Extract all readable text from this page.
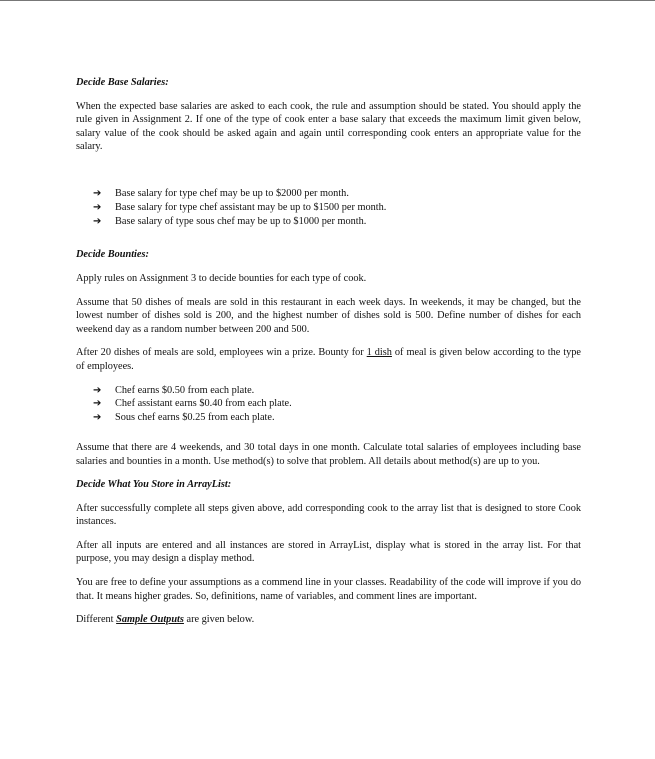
Decide Base Salaries:

When the expected base salaries are asked to each cook, the rule and assumption should be stated. You should apply the rule given in Assignment 2. If one of the type of cook enter a base salary that exceeds the maximum limit given below, salary value of the cook should be asked again and again until corresponding cook enters an appropriate value for the salary.

➔	Base salary for type chef may be up to $2000 per month.
➔	Base salary for type chef assistant may be up to $1500 per month.
➔	Base salary of type sous chef may be up to $1000 per month.
Decide Bounties:

Apply rules on Assignment 3 to decide bounties for each type of cook.

Assume that 50 dishes of meals are sold in this restaurant in each week days. In weekends, it may be changed, but the lowest number of dishes sold is 200, and the highest number of dishes sold is 500. Define number of dishes for each weekend day as a random number between 200 and 500.

After 20 dishes of meals are sold, employees win a prize. Bounty for 1 dish of meal is given below according to the type of employees.

➔	Chef earns $0.50 from each plate.
➔	Chef assistant earns $0.40 from each plate.
➔	Sous chef earns $0.25 from each plate.

Assume that there are 4 weekends, and 30 total days in one month. Calculate total salaries of employees including base salaries and bounties in a month. Use method(s) to solve that problem. All details about method(s) are up to you.

Decide What You Store in ArrayList:

After successfully complete all steps given above, add corresponding cook to the array list that is designed to store Cook instances.

After all inputs are entered and all instances are stored in ArrayList, display what is stored in the array list. For that purpose, you may design a display method.

You are free to define your assumptions as a commend line in your classes. Readability of the code will improve if you do that. It means higher grades. So, definitions, name of variables, and comment lines are important.

Different Sample Outputs are given below.
